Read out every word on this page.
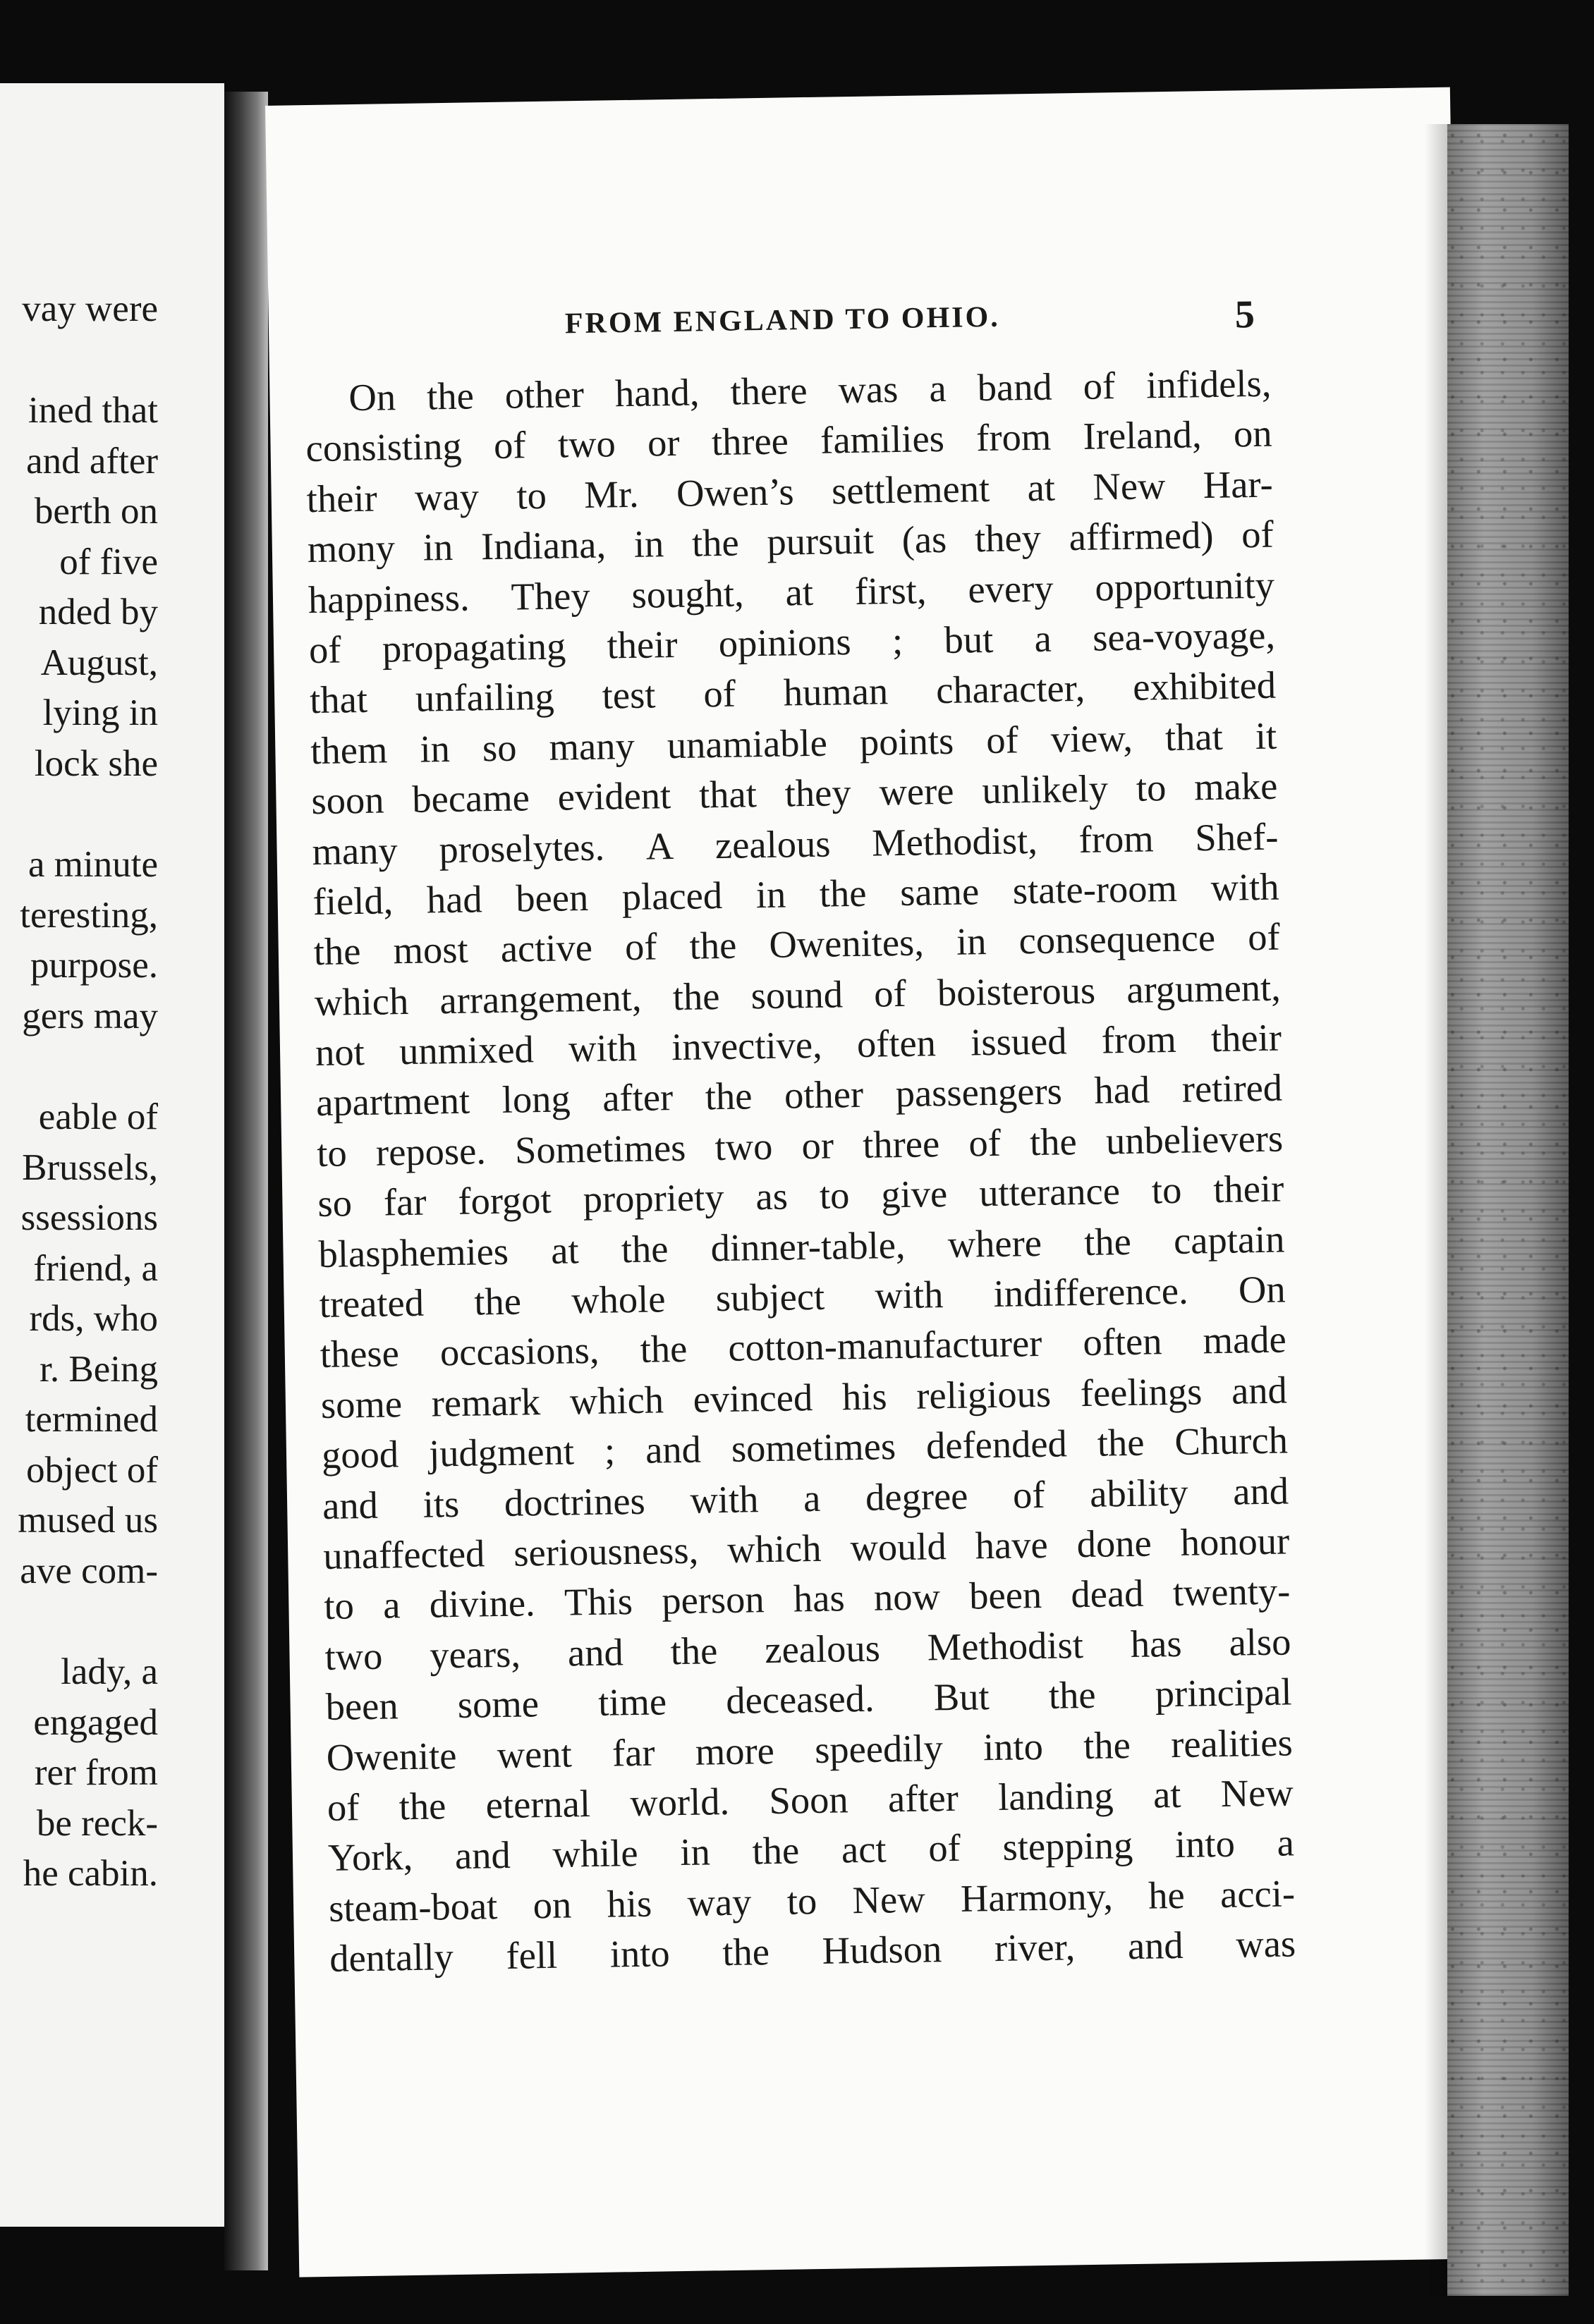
vay were
ined that
and after
berth on
of five
nded by
August,
lying in
lock she
a minute
teresting,
purpose.
gers may
eable of
Brussels,
ssessions
friend, a
rds, who
r. Being
termined
object of
mused us
ave com-
lady, a
engaged
rer from
be reck-
he cabin.
FROM ENGLAND TO OHIO.	5
On the other hand, there was a band of infidels,
consisting of two or three families from Ireland, on
their way to Mr. Owen’s settlement at New Har-
mony in Indiana, in the pursuit (as they affirmed) of
happiness. They sought, at first, every opportunity
of propagating their opinions ; but a sea-voyage,
that unfailing test of human character, exhibited
them in so many unamiable points of view, that it
soon became evident that they were unlikely to make
many proselytes. A zealous Methodist, from Shef-
field, had been placed in the same state-room with
the most active of the Owenites, in consequence of
which arrangement, the sound of boisterous argument,
not unmixed with invective, often issued from their
apartment long after the other passengers had retired
to repose. Sometimes two or three of the unbelievers
so far forgot propriety as to give utterance to their
blasphemies at the dinner-table, where the captain
treated the whole subject with indifference. On
these occasions, the cotton-manufacturer often made
some remark which evinced his religious feelings and
good judgment ; and sometimes defended the Church
and its doctrines with a degree of ability and
unaffected seriousness, which would have done honour
to a divine. This person has now been dead twenty-
two years, and the zealous Methodist has also
been some time deceased. But the principal
Owenite went far more speedily into the realities
of the eternal world. Soon after landing at New
York, and while in the act of stepping into a
steam-boat on his way to New Harmony, he acci-
dentally fell into the Hudson river, and was
